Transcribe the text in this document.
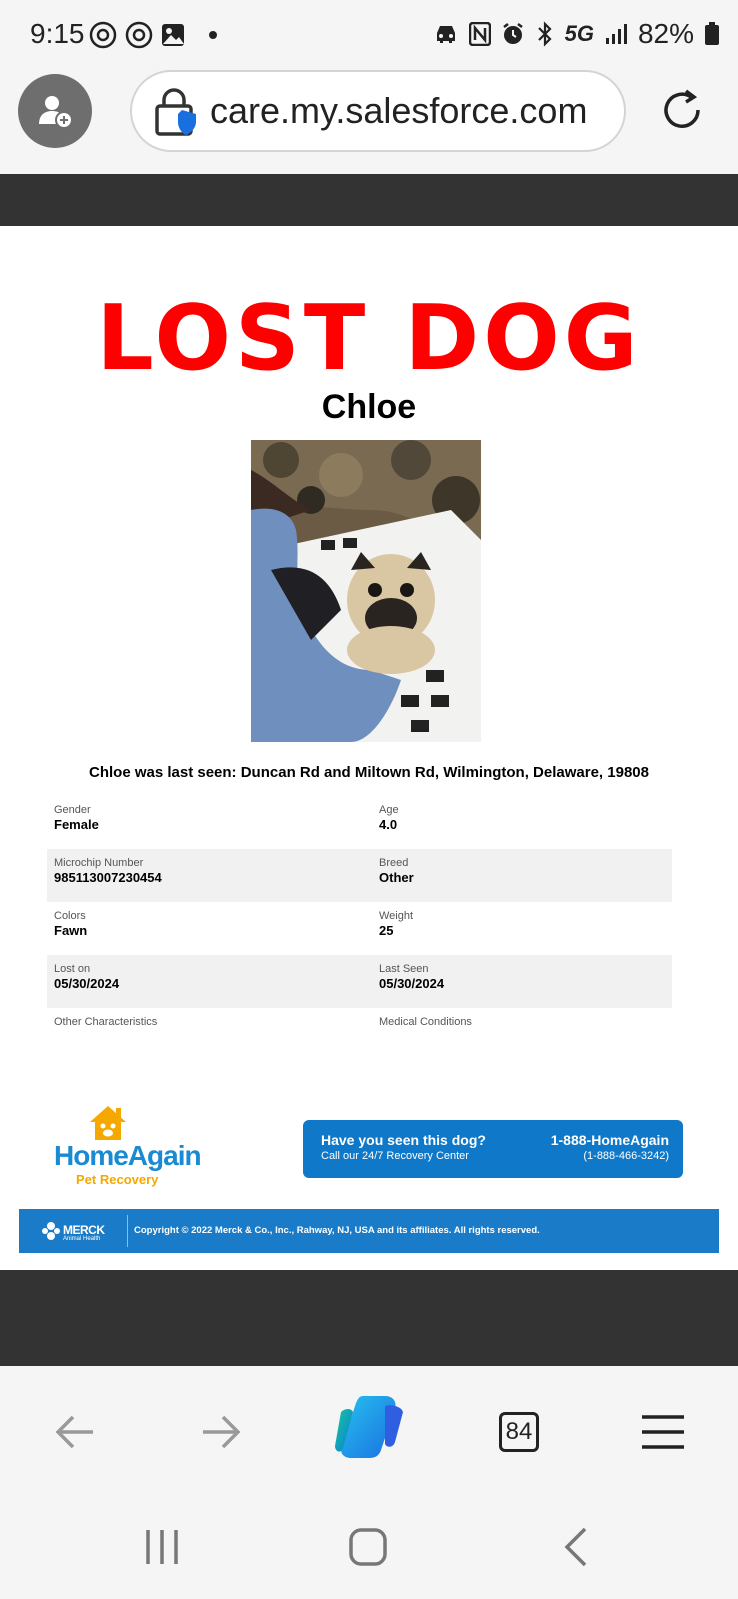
9:15	5G 82%
care.my.salesforce.com
LOST DOG
Chloe
Chloe was last seen: Duncan Rd and Miltown Rd, Wilmington, Delaware, 19808
Gender
Female
Age
4.0
Microchip Number
985113007230454
Breed
Other
Colors
Fawn
Weight
25
Lost on
05/30/2024
Last Seen
05/30/2024
Other Characteristics	Medical Conditions
HomeAgain
Pet Recovery
Have you seen this dog?
Call our 24/7 Recovery Center
1-888-HomeAgain
(1-888-466-3242)
MERCK
Animal Health
Copyright © 2022 Merck & Co., Inc., Rahway, NJ, USA and its affiliates. All rights reserved.
84
